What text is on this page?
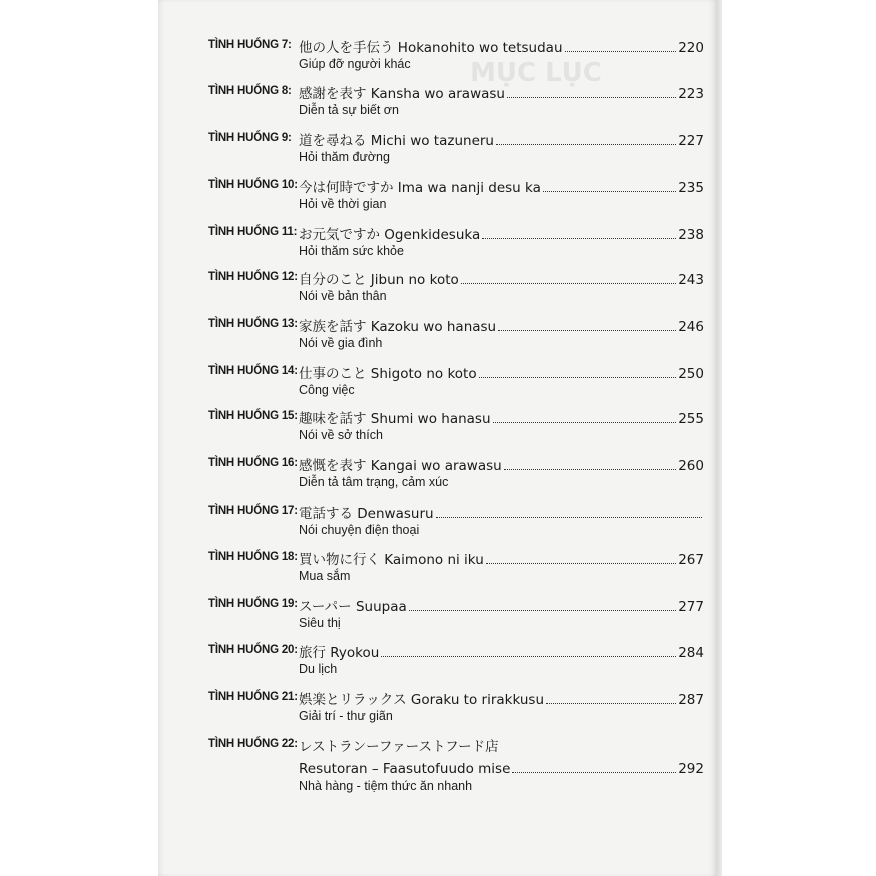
MỤC LỤC
TÌNH HUỐNG 7: 他の人を手伝う Hokanohito wo tetsudau	220
Giúp đỡ người khác
TÌNH HUỐNG 8: 感謝を表す Kansha wo arawasu	223
Diễn tả sự biết ơn
TÌNH HUỐNG 9: 道を尋ねる Michi wo tazuneru	227
Hỏi thăm đường
TÌNH HUỐNG 10: 今は何時ですか Ima wa nanji desu ka	235
Hỏi về thời gian
TÌNH HUỐNG 11: お元気ですか Ogenkidesuka	238
Hỏi thăm sức khỏe
TÌNH HUỐNG 12: 自分のこと Jibun no koto	243
Nói về bản thân
TÌNH HUỐNG 13: 家族を話す Kazoku wo hanasu	246
Nói về gia đình
TÌNH HUỐNG 14: 仕事のこと Shigoto no koto	250
Công việc
TÌNH HUỐNG 15: 趣味を話す Shumi wo hanasu	255
Nói về sở thích
TÌNH HUỐNG 16: 感慨を表す Kangai wo arawasu	260
Diễn tả tâm trạng, cảm xúc
TÌNH HUỐNG 17: 電話する Denwasuru
Nói chuyện điện thoại
TÌNH HUỐNG 18: 買い物に行く Kaimono ni iku	267
Mua sắm
TÌNH HUỐNG 19: スーパー Suupaa	277
Siêu thị
TÌNH HUỐNG 20: 旅行 Ryokou	284
Du lịch
TÌNH HUỐNG 21: 娯楽とリラックス Goraku to rirakkusu	287
Giải trí - thư giãn
TÌNH HUỐNG 22: レストランーファーストフード店
Resutoran – Faasutofuudo mise	292
Nhà hàng - tiệm thức ăn nhanh
